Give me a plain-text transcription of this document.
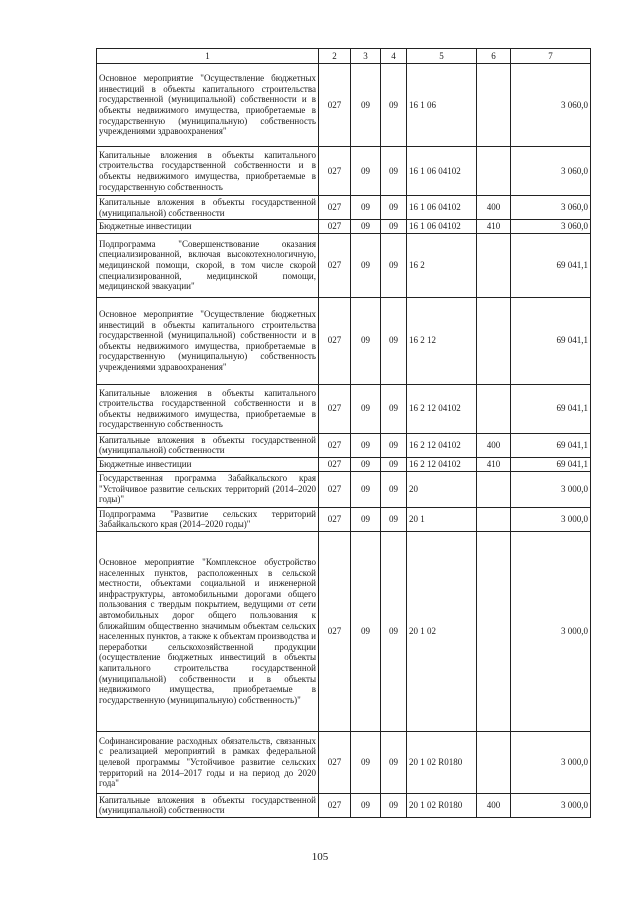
1	2	3	4	5	6	7
Основное мероприятие "Осуществление бюджетных инвестиций в объекты капитального строительства государственной (муниципальной) собственности и в объекты недвижимого имущества, приобретаемые в государственную (муниципальную) собственность учреждениями здравоохранения"	027	09	09	16 1 06		3 060,0
Капитальные вложения в объекты капитального строительства государственной собственности и в объекты недвижимого имущества, приобретаемые в государственную собственность	027	09	09	16 1 06 04102		3 060,0
Капитальные вложения в объекты государственной (муниципальной) собственности	027	09	09	16 1 06 04102	400	3 060,0
Бюджетные инвестиции	027	09	09	16 1 06 04102	410	3 060,0
Подпрограмма "Совершенствование оказания специализированной, включая высокотехнологичную, медицинской помощи, скорой, в том числе скорой специализированной, медицинской помощи, медицинской эвакуации"	027	09	09	16 2		69 041,1
Основное мероприятие "Осуществление бюджетных инвестиций в объекты капитального строительства государственной (муниципальной) собственности и в объекты недвижимого имущества, приобретаемые в государственную (муниципальную) собственность учреждениями здравоохранения"	027	09	09	16 2 12		69 041,1
Капитальные вложения в объекты капитального строительства государственной собственности и в объекты недвижимого имущества, приобретаемые в государственную собственность	027	09	09	16 2 12 04102		69 041,1
Капитальные вложения в объекты государственной (муниципальной) собственности	027	09	09	16 2 12 04102	400	69 041,1
Бюджетные инвестиции	027	09	09	16 2 12 04102	410	69 041,1
Государственная программа Забайкальского края "Устойчивое развитие сельских территорий (2014–2020 годы)"	027	09	09	20		3 000,0
Подпрограмма "Развитие сельских территорий Забайкальского края (2014–2020 годы)"	027	09	09	20 1		3 000,0
Основное мероприятие "Комплексное обустройство населенных пунктов, расположенных в сельской местности, объектами социальной и инженерной инфраструктуры, автомобильными дорогами общего пользования с твердым покрытием, ведущими от сети автомобильных дорог общего пользования к ближайшим общественно значимым объектам сельских населенных пунктов, а также к объектам производства и переработки сельскохозяйственной продукции (осуществление бюджетных инвестиций в объекты капитального строительства государственной (муниципальной) собственности и в объекты недвижимого имущества, приобретаемые в государственную (муниципальную) собственность)"	027	09	09	20 1 02		3 000,0
Софинансирование расходных обязательств, связанных с реализацией мероприятий в рамках федеральной целевой программы "Устойчивое развитие сельских территорий на 2014–2017 годы и на период до 2020 года"	027	09	09	20 1 02 R0180		3 000,0
Капитальные вложения в объекты государственной (муниципальной) собственности	027	09	09	20 1 02 R0180	400	3 000,0
105
